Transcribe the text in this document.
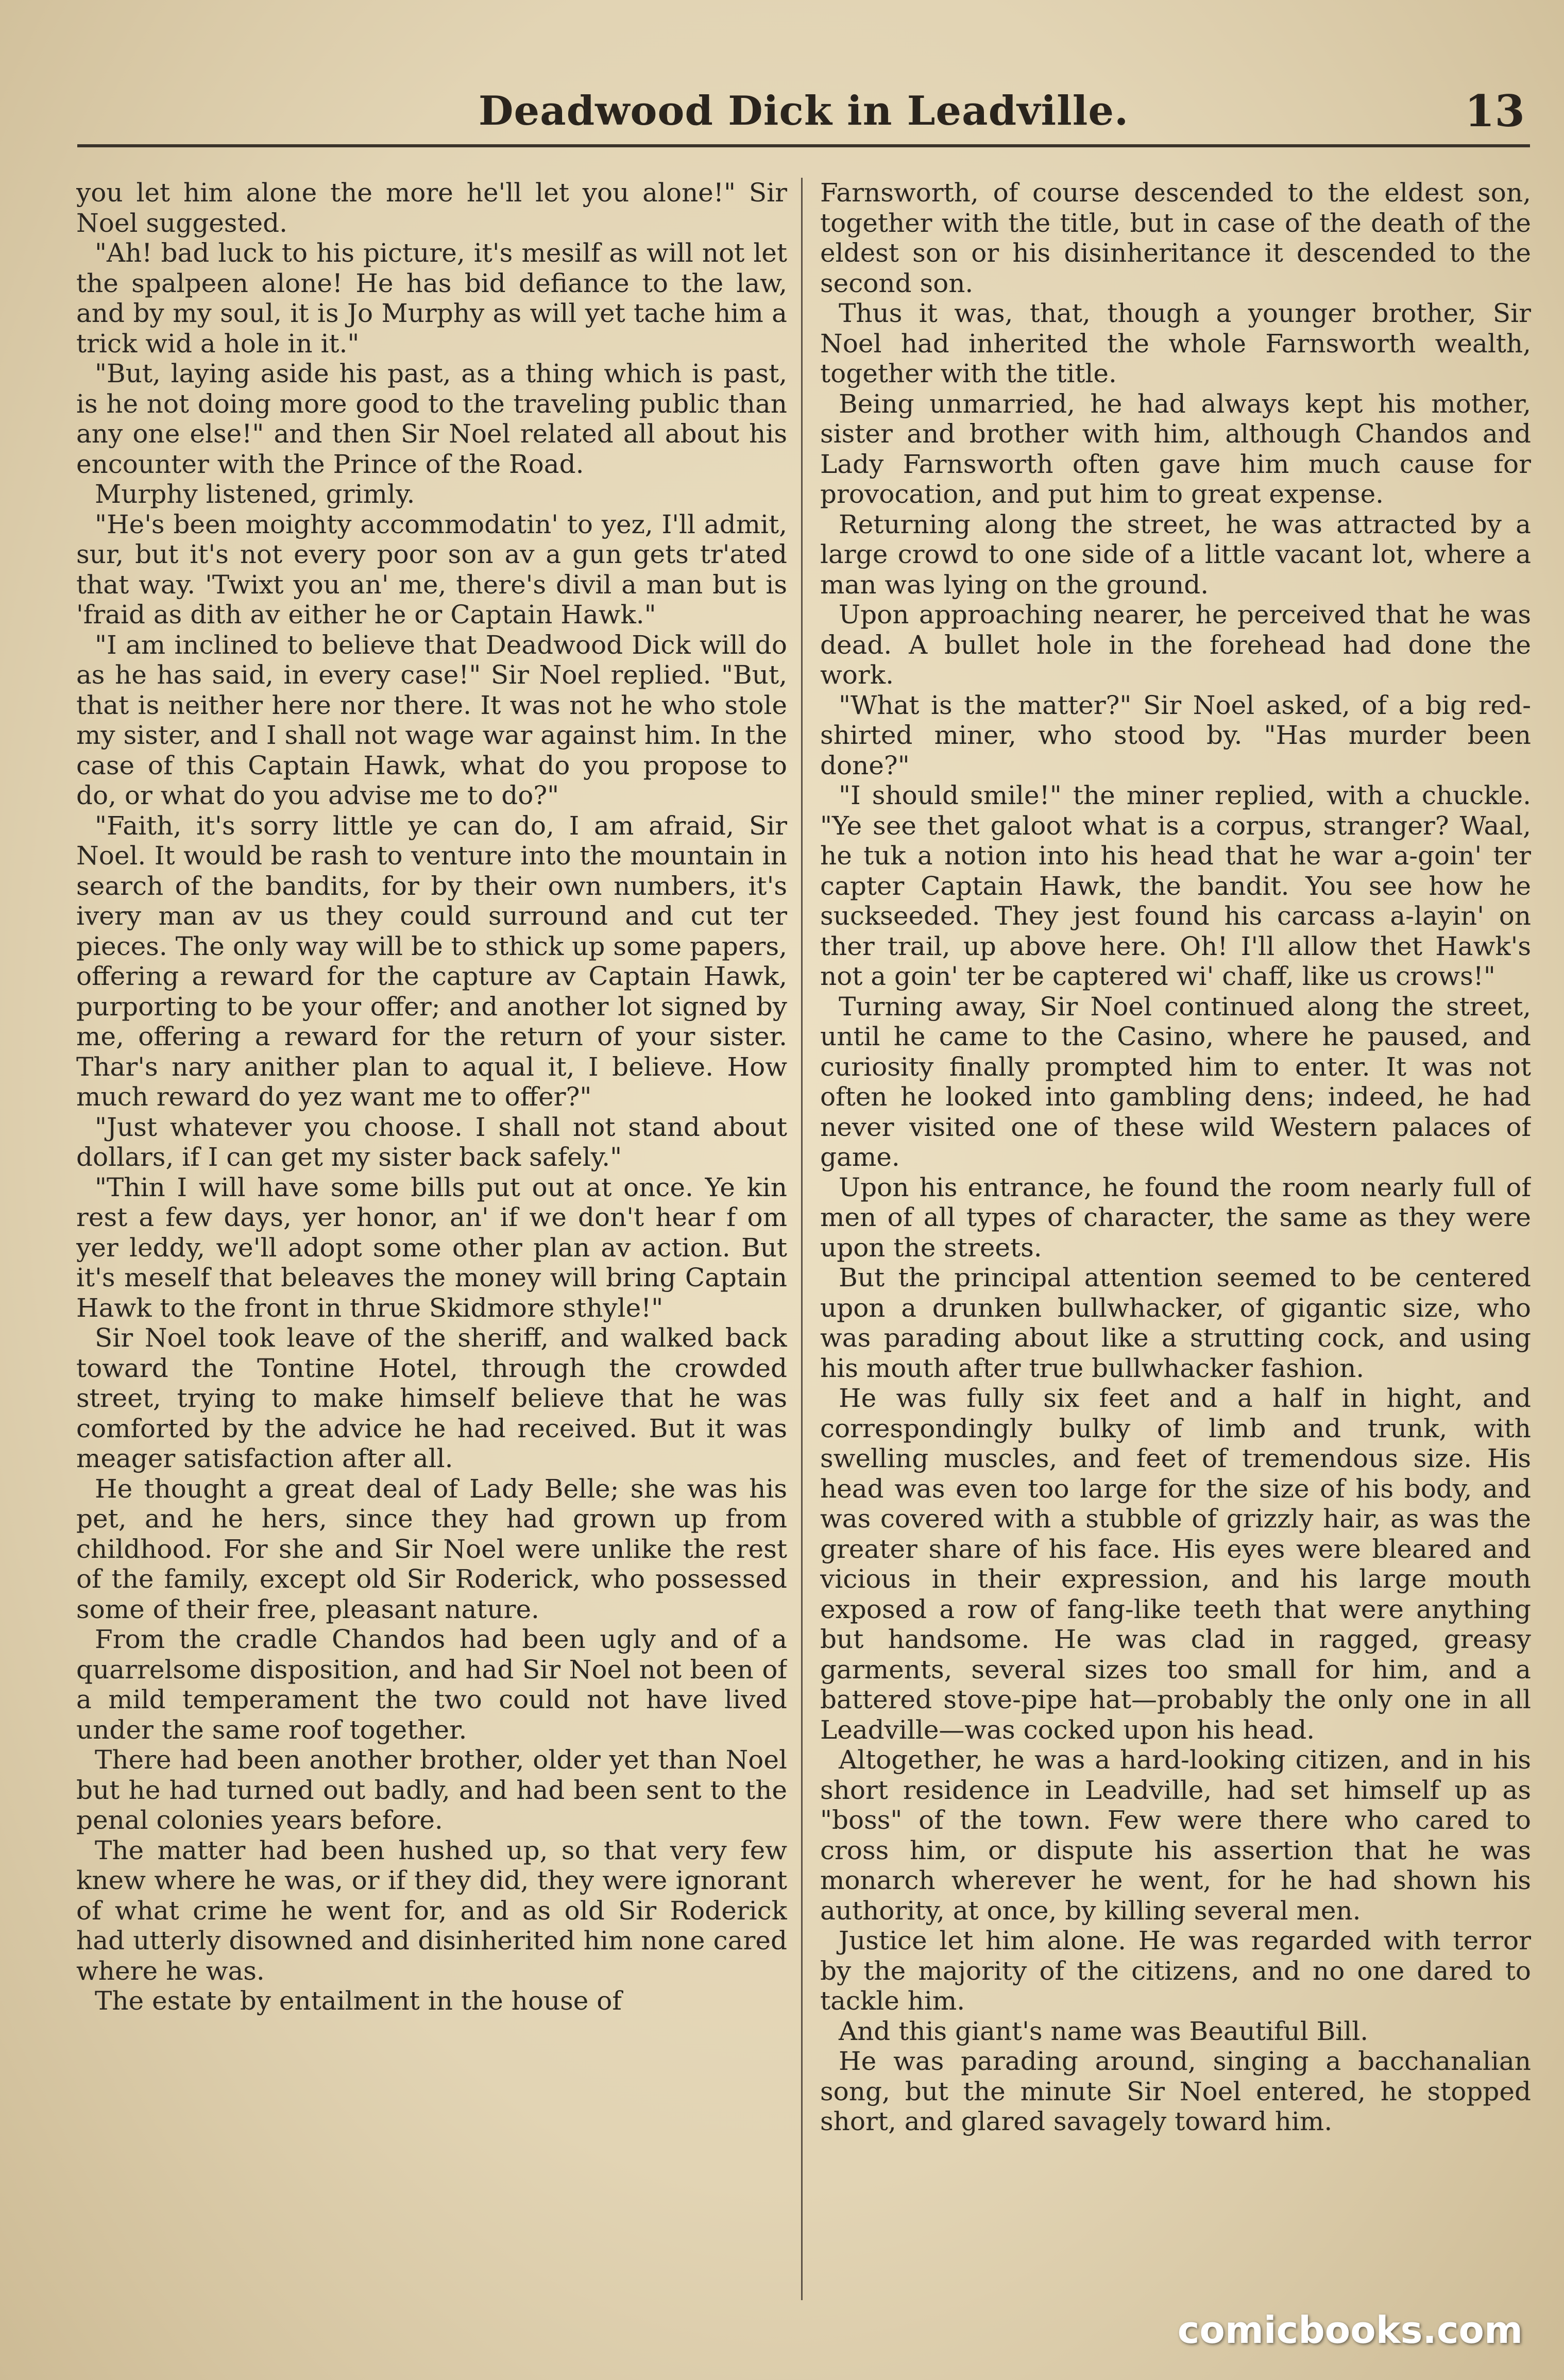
Deadwood Dick in Leadville.	13

you let him alone the more he'll let you alone!" Sir Noel suggested.

"Ah! bad luck to his picture, it's mesilf as will not let the spalpeen alone! He has bid defiance to the law, and by my soul, it is Jo Murphy as will yet tache him a trick wid a hole in it."

"But, laying aside his past, as a thing which is past, is he not doing more good to the traveling public than any one else!" and then Sir Noel related all about his encounter with the Prince of the Road.

Murphy listened, grimly.

"He's been moighty accommodatin' to yez, I'll admit, sur, but it's not every poor son av a gun gets tr'ated that way. 'Twixt you an' me, there's divil a man but is 'fraid as dith av either he or Captain Hawk."

"I am inclined to believe that Deadwood Dick will do as he has said, in every case!" Sir Noel replied. "But, that is neither here nor there. It was not he who stole my sister, and I shall not wage war against him. In the case of this Captain Hawk, what do you propose to do, or what do you advise me to do?"

"Faith, it's sorry little ye can do, I am afraid, Sir Noel. It would be rash to venture into the mountain in search of the bandits, for by their own numbers, it's ivery man av us they could surround and cut ter pieces. The only way will be to sthick up some papers, offering a reward for the capture av Captain Hawk, purporting to be your offer; and another lot signed by me, offering a reward for the return of your sister. Thar's nary anither plan to aqual it, I believe. How much reward do yez want me to offer?"

"Just whatever you choose. I shall not stand about dollars, if I can get my sister back safely."

"Thin I will have some bills put out at once. Ye kin rest a few days, yer honor, an' if we don't hear f om yer leddy, we'll adopt some other plan av action. But it's meself that beleaves the money will bring Captain Hawk to the front in thrue Skidmore sthyle!"

Sir Noel took leave of the sheriff, and walked back toward the Tontine Hotel, through the crowded street, trying to make himself believe that he was comforted by the advice he had received. But it was meager satisfaction after all.

He thought a great deal of Lady Belle; she was his pet, and he hers, since they had grown up from childhood. For she and Sir Noel were unlike the rest of the family, except old Sir Roderick, who possessed some of their free, pleasant nature.

From the cradle Chandos had been ugly and of a quarrelsome disposition, and had Sir Noel not been of a mild temperament the two could not have lived under the same roof together.

There had been another brother, older yet than Noel but he had turned out badly, and had been sent to the penal colonies years before.

The matter had been hushed up, so that very few knew where he was, or if they did, they were ignorant of what crime he went for, and as old Sir Roderick had utterly disowned and disinherited him none cared where he was.

The estate by entailment in the house of

Farnsworth, of course descended to the eldest son, together with the title, but in case of the death of the eldest son or his disinheritance it descended to the second son.

Thus it was, that, though a younger brother, Sir Noel had inherited the whole Farnsworth wealth, together with the title.

Being unmarried, he had always kept his mother, sister and brother with him, although Chandos and Lady Farnsworth often gave him much cause for provocation, and put him to great expense.

Returning along the street, he was attracted by a large crowd to one side of a little vacant lot, where a man was lying on the ground.

Upon approaching nearer, he perceived that he was dead. A bullet hole in the forehead had done the work.

"What is the matter?" Sir Noel asked, of a big red-shirted miner, who stood by. "Has murder been done?"

"I should smile!" the miner replied, with a chuckle. "Ye see thet galoot what is a corpus, stranger? Waal, he tuk a notion into his head that he war a-goin' ter capter Captain Hawk, the bandit. You see how he suckseeded. They jest found his carcass a-layin' on ther trail, up above here. Oh! I'll allow thet Hawk's not a goin' ter be captered wi' chaff, like us crows!"

Turning away, Sir Noel continued along the street, until he came to the Casino, where he paused, and curiosity finally prompted him to enter. It was not often he looked into gambling dens; indeed, he had never visited one of these wild Western palaces of game.

Upon his entrance, he found the room nearly full of men of all types of character, the same as they were upon the streets.

But the principal attention seemed to be centered upon a drunken bullwhacker, of gigantic size, who was parading about like a strutting cock, and using his mouth after true bullwhacker fashion.

He was fully six feet and a half in hight, and correspondingly bulky of limb and trunk, with swelling muscles, and feet of tremendous size. His head was even too large for the size of his body, and was covered with a stubble of grizzly hair, as was the greater share of his face. His eyes were bleared and vicious in their expression, and his large mouth exposed a row of fang-like teeth that were anything but handsome. He was clad in ragged, greasy garments, several sizes too small for him, and a battered stove-pipe hat—probably the only one in all Leadville—was cocked upon his head.

Altogether, he was a hard-looking citizen, and in his short residence in Leadville, had set himself up as "boss" of the town. Few were there who cared to cross him, or dispute his assertion that he was monarch wherever he went, for he had shown his authority, at once, by killing several men.

Justice let him alone. He was regarded with terror by the majority of the citizens, and no one dared to tackle him.

And this giant's name was Beautiful Bill.

He was parading around, singing a bacchanalian song, but the minute Sir Noel entered, he stopped short, and glared savagely toward him.

comicbooks.com
